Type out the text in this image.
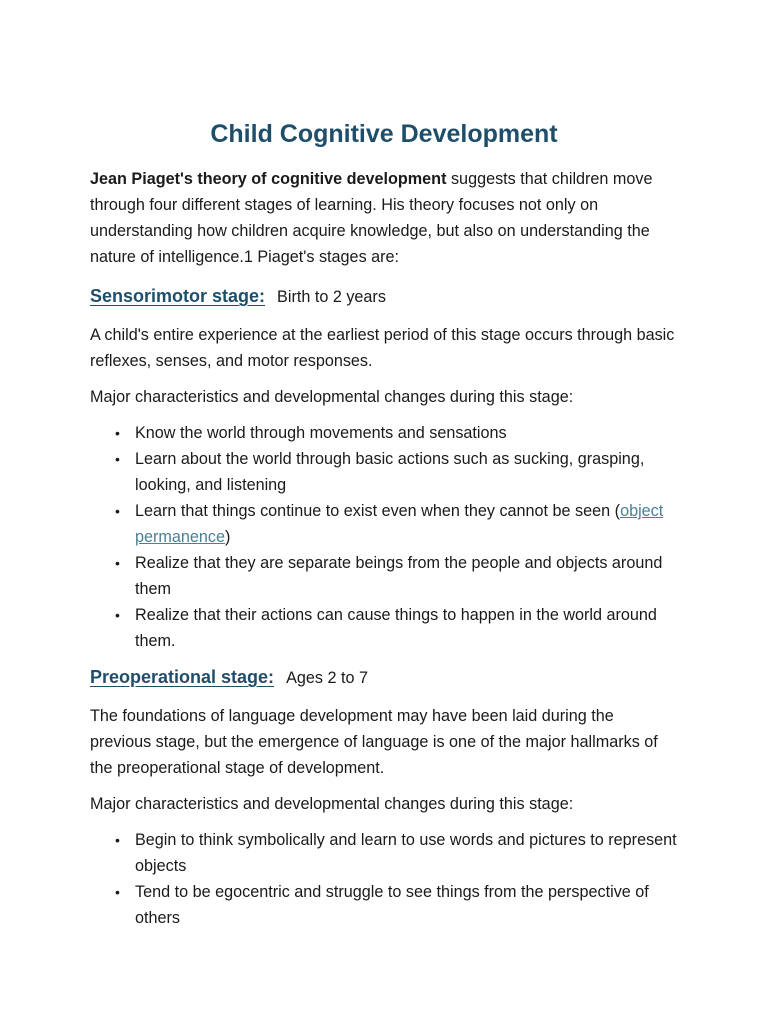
Child Cognitive Development

Jean Piaget's theory of cognitive development suggests that children move through four different stages of learning. His theory focuses not only on understanding how children acquire knowledge, but also on understanding the nature of intelligence.1 Piaget's stages are:

Sensorimotor stage: Birth to 2 years

A child's entire experience at the earliest period of this stage occurs through basic reflexes, senses, and motor responses.

Major characteristics and developmental changes during this stage:

• Know the world through movements and sensations
• Learn about the world through basic actions such as sucking, grasping, looking, and listening
• Learn that things continue to exist even when they cannot be seen (object permanence)
• Realize that they are separate beings from the people and objects around them
• Realize that their actions can cause things to happen in the world around them.
Preoperational stage: Ages 2 to 7

The foundations of language development may have been laid during the previous stage, but the emergence of language is one of the major hallmarks of the preoperational stage of development.

Major characteristics and developmental changes during this stage:

• Begin to think symbolically and learn to use words and pictures to represent objects
• Tend to be egocentric and struggle to see things from the perspective of others
